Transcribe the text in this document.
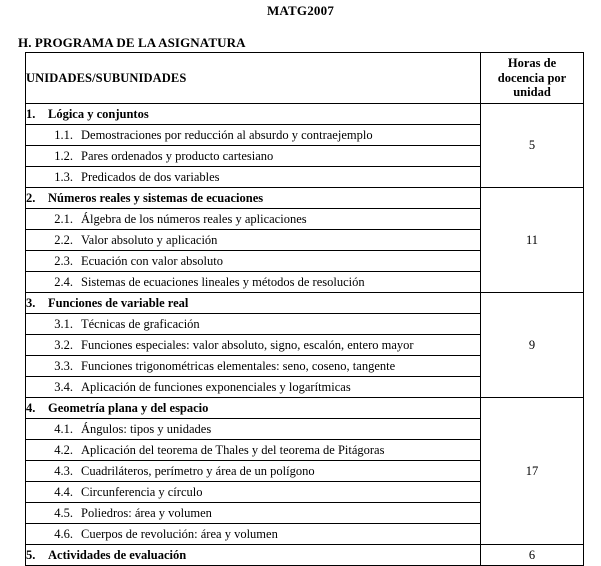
MATG2007
H. PROGRAMA DE LA ASIGNATURA
UNIDADES/SUBUNIDADES	Horas de
docencia por
unidad

1. Lógica y conjuntos	5
1.1. Demostraciones por reducción al absurdo y contraejemplo	
1.2. Pares ordenados y producto cartesiano	
1.3. Predicados de dos variables	
2. Números reales y sistemas de ecuaciones	11
2.1. Álgebra de los números reales y aplicaciones	
2.2. Valor absoluto y aplicación	
2.3. Ecuación con valor absoluto	
2.4. Sistemas de ecuaciones lineales y métodos de resolución	
3. Funciones de variable real	9
3.1. Técnicas de graficación	
3.2. Funciones especiales: valor absoluto, signo, escalón, entero mayor	
3.3. Funciones trigonométricas elementales: seno, coseno, tangente	
3.4. Aplicación de funciones exponenciales y logarítmicas	
4. Geometría plana y del espacio	17
4.1. Ángulos: tipos y unidades	
4.2. Aplicación del teorema de Thales y del teorema de Pitágoras	
4.3. Cuadriláteros, perímetro y área de un polígono	
4.4. Circunferencia y círculo	
4.5. Poliedros: área y volumen	
4.6. Cuerpos de revolución: área y volumen	
5. Actividades de evaluación	6
